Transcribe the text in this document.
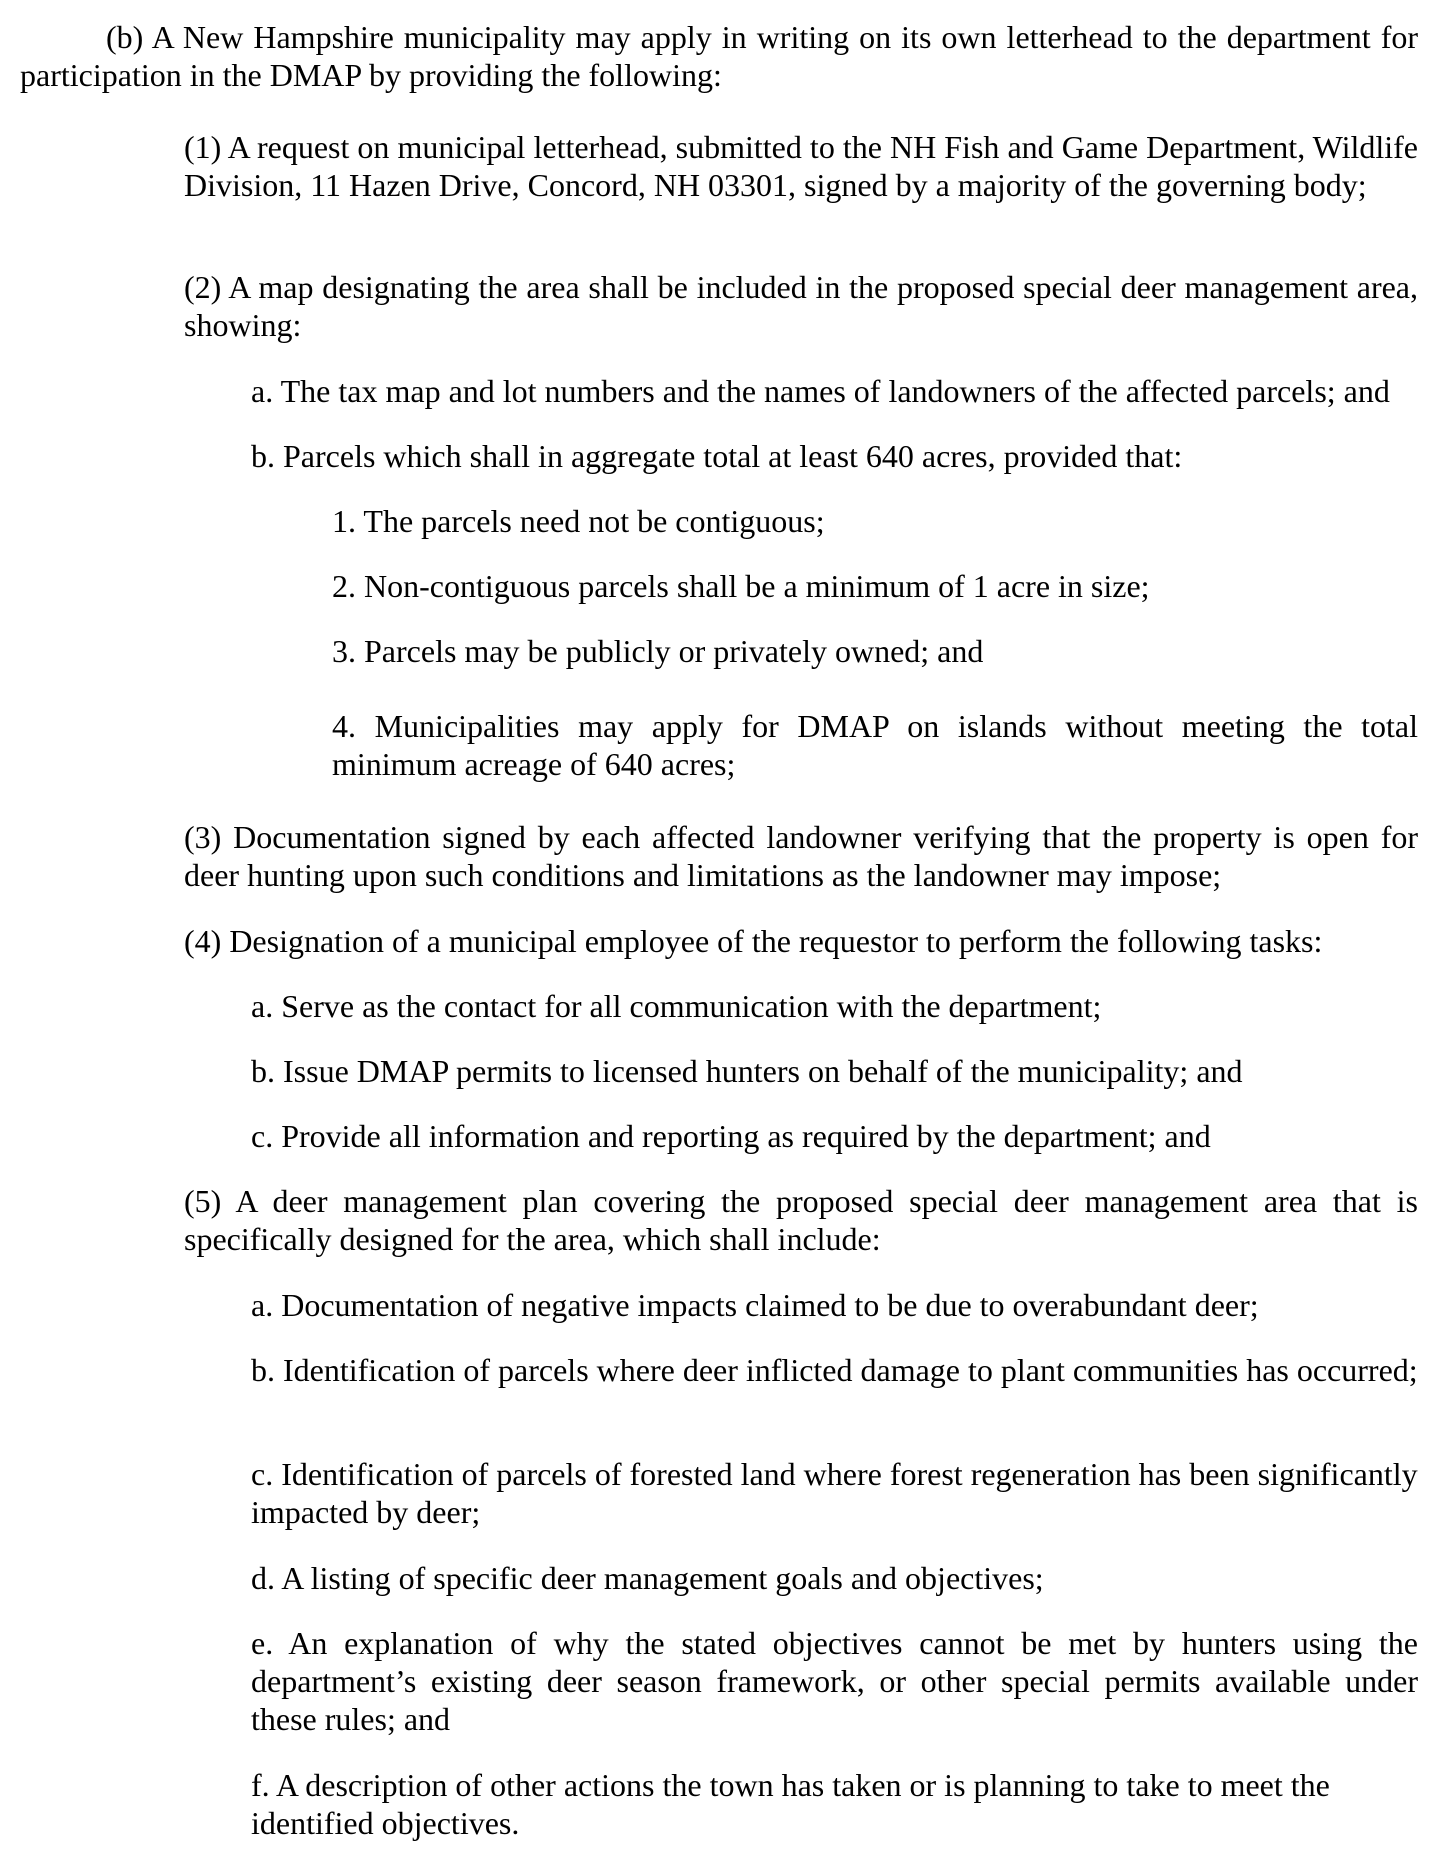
(b) A New Hampshire municipality may apply in writing on its own letterhead to the department for participation in the DMAP by providing the following:

(1) A request on municipal letterhead, submitted to the NH Fish and Game Department, Wildlife Division, 11 Hazen Drive, Concord, NH 03301, signed by a majority of the governing body;

(2) A map designating the area shall be included in the proposed special deer management area, showing:

a. The tax map and lot numbers and the names of landowners of the affected parcels; and

b. Parcels which shall in aggregate total at least 640 acres, provided that:

1. The parcels need not be contiguous;

2. Non-contiguous parcels shall be a minimum of 1 acre in size;

3. Parcels may be publicly or privately owned; and

4. Municipalities may apply for DMAP on islands without meeting the total minimum acreage of 640 acres;

(3) Documentation signed by each affected landowner verifying that the property is open for deer hunting upon such conditions and limitations as the landowner may impose;

(4) Designation of a municipal employee of the requestor to perform the following tasks:

a. Serve as the contact for all communication with the department;

b. Issue DMAP permits to licensed hunters on behalf of the municipality; and

c. Provide all information and reporting as required by the department; and

(5) A deer management plan covering the proposed special deer management area that is specifically designed for the area, which shall include:

a. Documentation of negative impacts claimed to be due to overabundant deer;

b. Identification of parcels where deer inflicted damage to plant communities has occurred;

c. Identification of parcels of forested land where forest regeneration has been significantly impacted by deer;

d. A listing of specific deer management goals and objectives;

e. An explanation of why the stated objectives cannot be met by hunters using the department’s existing deer season framework, or other special permits available under these rules; and

f. A description of other actions the town has taken or is planning to take to meet the identified objectives.
